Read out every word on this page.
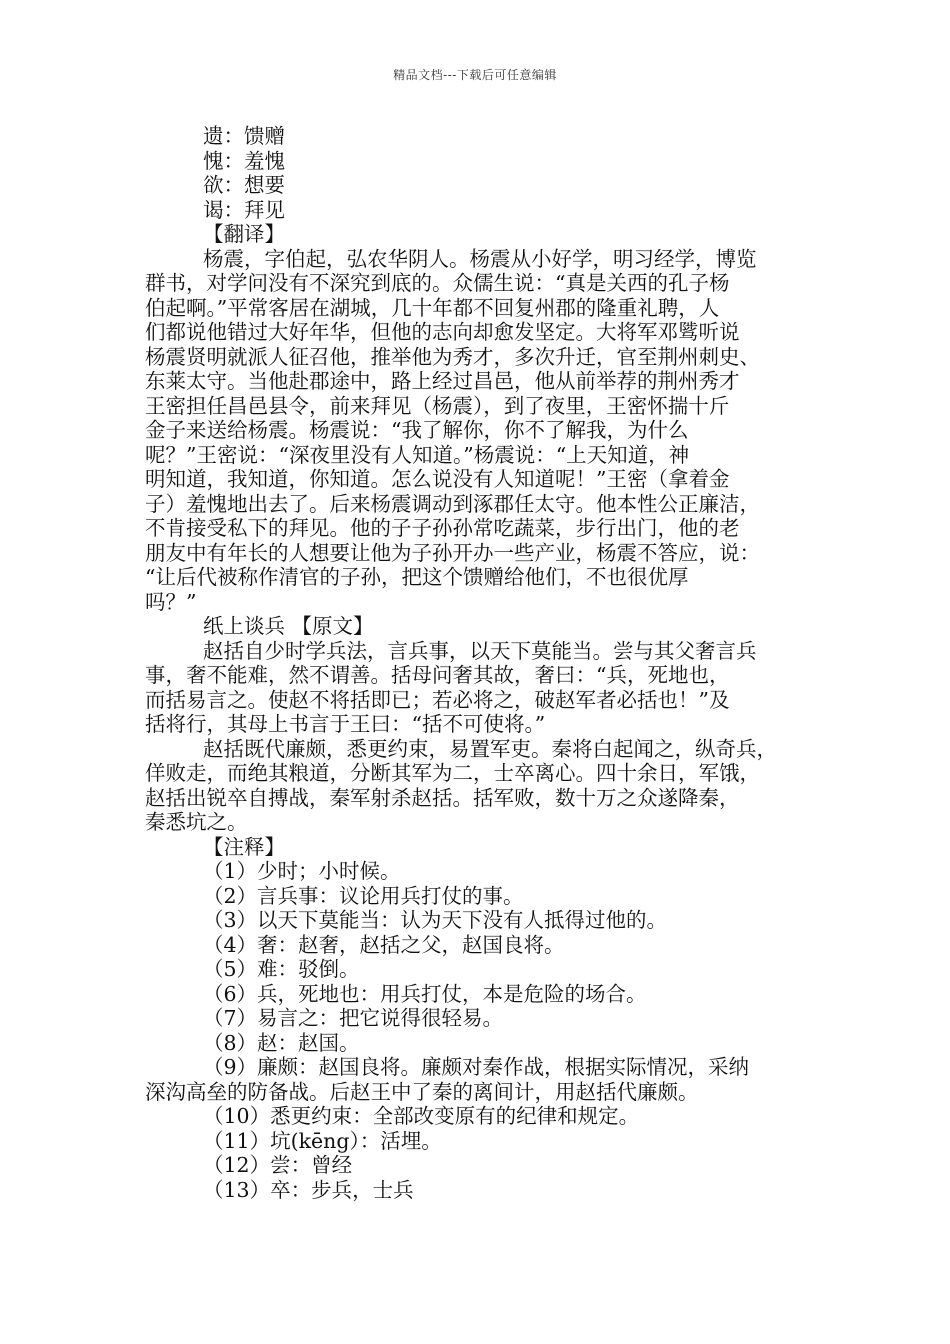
精品文档---下载后可任意编辑
遗：馈赠
愧：羞愧
欲：想要
谒：拜见
【翻译】
杨震，字伯起，弘农华阴人。杨震从小好学，明习经学，博览
群书，对学问没有不深究到底的。众儒生说：“真是关西的孔子杨
伯起啊。”平常客居在湖城，几十年都不回复州郡的隆重礼聘，人
们都说他错过大好年华，但他的志向却愈发坚定。大将军邓骘听说
杨震贤明就派人征召他，推举他为秀才，多次升迁，官至荆州刺史、
东莱太守。当他赴郡途中，路上经过昌邑，他从前举荐的荆州秀才
王密担任昌邑县令，前来拜见（杨震），到了夜里，王密怀揣十斤
金子来送给杨震。杨震说：“我了解你，你不了解我，为什么
呢？”王密说：“深夜里没有人知道。”杨震说：“上天知道，神
明知道，我知道，你知道。怎么说没有人知道呢！”王密（拿着金
子）羞愧地出去了。后来杨震调动到涿郡任太守。他本性公正廉洁，
不肯接受私下的拜见。他的子子孙孙常吃蔬菜，步行出门，他的老
朋友中有年长的人想要让他为子孙开办一些产业，杨震不答应，说：
“让后代被称作清官的子孙，把这个馈赠给他们，不也很优厚
吗？”
纸上谈兵 【原文】
赵括自少时学兵法，言兵事，以天下莫能当。尝与其父奢言兵
事，奢不能难，然不谓善。括母问奢其故，奢曰：“兵，死地也，
而括易言之。使赵不将括即已；若必将之，破赵军者必括也！”及
括将行，其母上书言于王曰：“括不可使将。”
赵括既代廉颇，悉更约束，易置军吏。秦将白起闻之，纵奇兵，
佯败走，而绝其粮道，分断其军为二，士卒离心。四十余日，军饿，
赵括出锐卒自搏战，秦军射杀赵括。括军败，数十万之众遂降秦，
秦悉坑之。
【注释】
（1）少时；小时候。
（2）言兵事：议论用兵打仗的事。
（3）以天下莫能当：认为天下没有人抵得过他的。
（4）奢：赵奢，赵括之父，赵国良将。
（5）难：驳倒。
（6）兵，死地也：用兵打仗，本是危险的场合。
（7）易言之：把它说得很轻易。
（8）赵：赵国。
（9）廉颇：赵国良将。廉颇对秦作战，根据实际情况，采纳
深沟高垒的防备战。后赵王中了秦的离间计，用赵括代廉颇。
（10）悉更约束：全部改变原有的纪律和规定。
（11）坑(kēng）：活埋。
（12）尝：曾经
（13）卒：步兵，士兵
